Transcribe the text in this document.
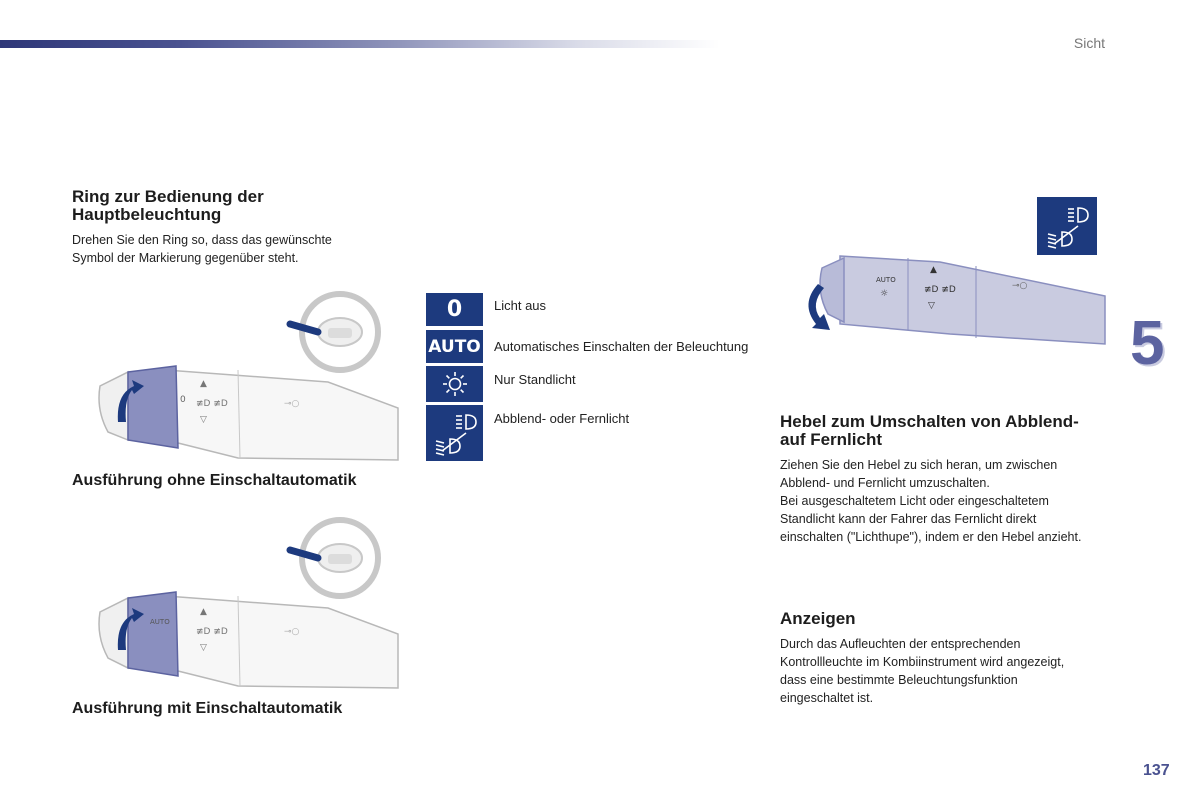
Sicht
Ring zur Bedienung der
Hauptbeleuchtung
Drehen Sie den Ring so, dass das gewünschte
Symbol der Markierung gegenüber steht.
0
▲
≢D ≢D
▽
⊸○
Ausführung ohne Einschaltautomatik
AUTO
▲
≢D ≢D
▽
⊸○
Ausführung mit Einschaltautomatik
0 Licht aus
AUTO Automatisches Einschalten der Beleuchtung
Nur Standlicht
Abblend- oder Fernlicht
AUTO
☼
▲
≢D ≢D
▽
⊸○
5
Hebel zum Umschalten von Abblend-
auf Fernlicht
Ziehen Sie den Hebel zu sich heran, um zwischen
Abblend- und Fernlicht umzuschalten.
Bei ausgeschaltetem Licht oder eingeschaltetem
Standlicht kann der Fahrer das Fernlicht direkt
einschalten ("Lichthupe"), indem er den Hebel anzieht.
Anzeigen
Durch das Aufleuchten der entsprechenden
Kontrollleuchte im Kombiinstrument wird angezeigt,
dass eine bestimmte Beleuchtungsfunktion
eingeschaltet ist.
137
